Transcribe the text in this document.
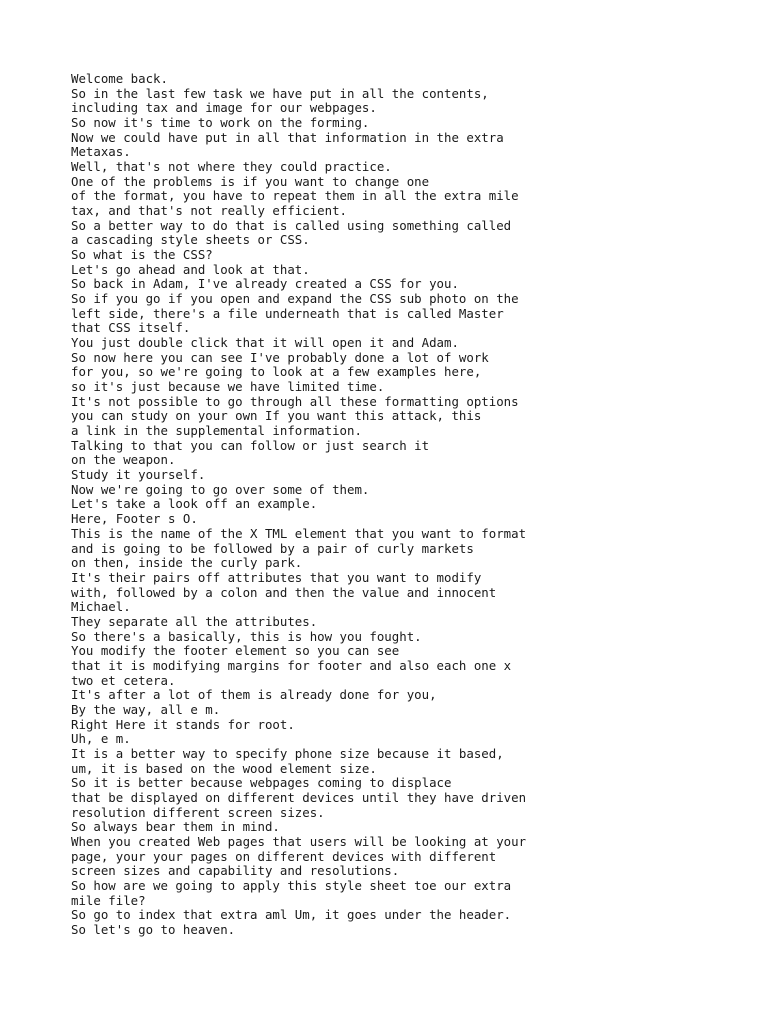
Welcome back.
So in the last few task we have put in all the contents,
including tax and image for our webpages.
So now it's time to work on the forming.
Now we could have put in all that information in the extra
Metaxas.
Well, that's not where they could practice.
One of the problems is if you want to change one
of the format, you have to repeat them in all the extra mile
tax, and that's not really efficient.
So a better way to do that is called using something called
a cascading style sheets or CSS.
So what is the CSS?
Let's go ahead and look at that.
So back in Adam, I've already created a CSS for you.
So if you go if you open and expand the CSS sub photo on the
left side, there's a file underneath that is called Master
that CSS itself.
You just double click that it will open it and Adam.
So now here you can see I've probably done a lot of work
for you, so we're going to look at a few examples here,
so it's just because we have limited time.
It's not possible to go through all these formatting options
you can study on your own If you want this attack, this
a link in the supplemental information.
Talking to that you can follow or just search it
on the weapon.
Study it yourself.
Now we're going to go over some of them.
Let's take a look off an example.
Here, Footer s O.
This is the name of the X TML element that you want to format
and is going to be followed by a pair of curly markets
on then, inside the curly park.
It's their pairs off attributes that you want to modify
with, followed by a colon and then the value and innocent
Michael.
They separate all the attributes.
So there's a basically, this is how you fought.
You modify the footer element so you can see
that it is modifying margins for footer and also each one x
two et cetera.
It's after a lot of them is already done for you,
By the way, all e m.
Right Here it stands for root.
Uh, e m.
It is a better way to specify phone size because it based,
um, it is based on the wood element size.
So it is better because webpages coming to displace
that be displayed on different devices until they have driven
resolution different screen sizes.
So always bear them in mind.
When you created Web pages that users will be looking at your
page, your your pages on different devices with different
screen sizes and capability and resolutions.
So how are we going to apply this style sheet toe our extra
mile file?
So go to index that extra aml Um, it goes under the header.
So let's go to heaven.
